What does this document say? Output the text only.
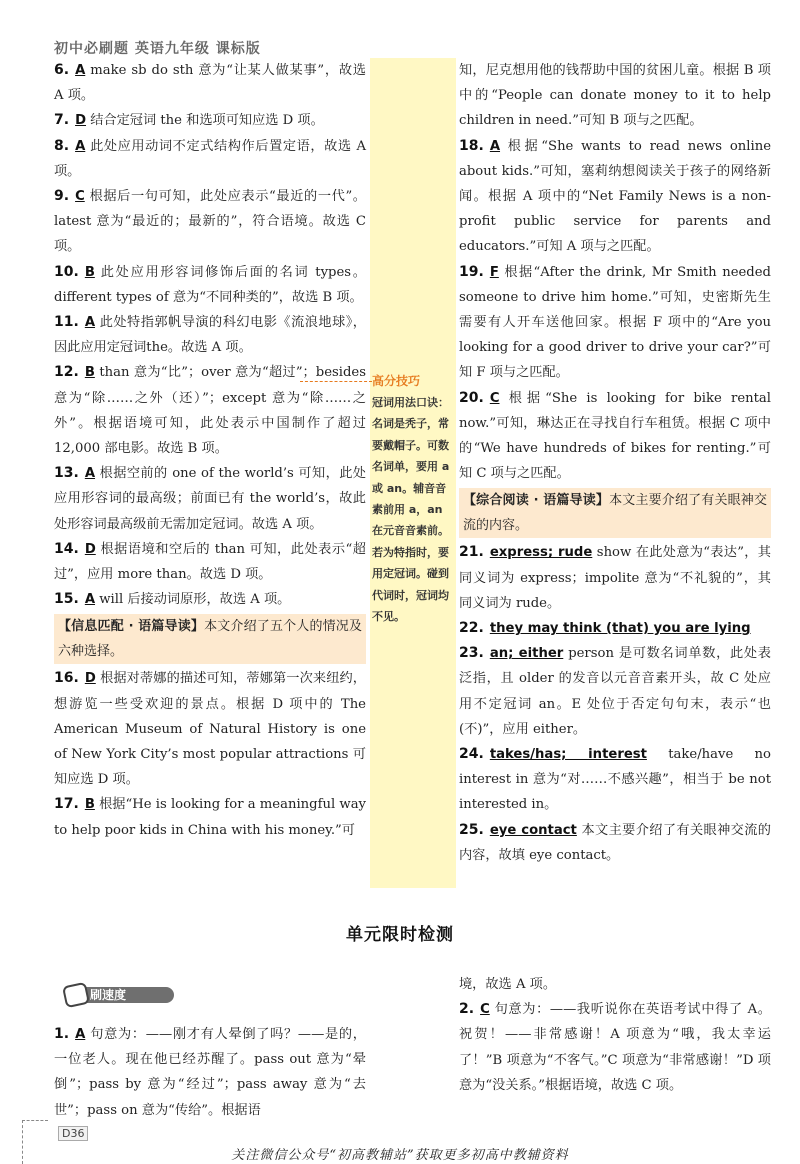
初中必刷题 英语九年级 课标版
高分技巧
冠词用法口诀：名词是秃子，常要戴帽子。可数名词单，要用 a 或 an。辅音音素前用 a，an 在元音音素前。若为特指时，要用定冠词。碰到代词时，冠词均不见。

6. A make sb do sth 意为“让某人做某事”，故选 A 项。

7. D 结合定冠词 the 和选项可知应选 D 项。

8. A 此处应用动词不定式结构作后置定语，故选 A 项。

9. C 根据后一句可知，此处应表示“最近的一代”。latest 意为“最近的；最新的”，符合语境。故选 C 项。

10. B 此处应用形容词修饰后面的名词 types。different types of 意为“不同种类的”，故选 B 项。

11. A 此处特指郭帆导演的科幻电影《流浪地球》，因此应用定冠词the。故选 A 项。

12. B than 意为“比”；over 意为“超过”；besides 意为“除……之外（还）”；except 意为“除……之外”。根据语境可知，此处表示中国制作了超过 12,000 部电影。故选 B 项。

13. A 根据空前的 one of the world’s 可知，此处应用形容词的最高级；前面已有 the world’s，故此处形容词最高级前无需加定冠词。故选 A 项。

14. D 根据语境和空后的 than 可知，此处表示“超过”，应用 more than。故选 D 项。

15. A will 后接动词原形，故选 A 项。

【信息匹配 · 语篇导读】本文介绍了五个人的情况及六种选择。

16. D 根据对蒂娜的描述可知，蒂娜第一次来纽约，想游览一些受欢迎的景点。根据 D 项中的 The American Museum of Natural History is one of New York City’s most popular attractions 可知应选 D 项。

17. B 根据“He is looking for a meaningful way to help poor kids in China with his money.”可

知，尼克想用他的钱帮助中国的贫困儿童。根据 B 项中的“People can donate money to it to help children in need.”可知 B 项与之匹配。

18. A 根据“She wants to read news online about kids.”可知，塞莉纳想阅读关于孩子的网络新闻。根据 A 项中的“Net Family News is a non-profit public service for parents and educators.”可知 A 项与之匹配。

19. F 根据“After the drink, Mr Smith needed someone to drive him home.”可知，史密斯先生需要有人开车送他回家。根据 F 项中的“Are you looking for a good driver to drive your car?”可知 F 项与之匹配。

20. C 根据“She is looking for bike rental now.”可知，琳达正在寻找自行车租赁。根据 C 项中的“We have hundreds of bikes for renting.”可知 C 项与之匹配。

【综合阅读 · 语篇导读】本文主要介绍了有关眼神交流的内容。

21. express; rude show 在此处意为“表达”，其同义词为 express；impolite 意为“不礼貌的”，其同义词为 rude。

22. they may think (that) you are lying

23. an; either person 是可数名词单数，此处表泛指，且 older 的发音以元音音素开头，故 C 处应用不定冠词 an。E 处位于否定句句末，表示“也(不)”，应用 either。

24. takes/has; interest take/have no interest in 意为“对……不感兴趣”，相当于 be not interested in。

25. eye contact 本文主要介绍了有关眼神交流的内容，故填 eye contact。

单元限时检测
刷速度

1. A 句意为：——刚才有人晕倒了吗？——是的，一位老人。现在他已经苏醒了。pass out 意为“晕倒”；pass by 意为“经过”；pass away 意为“去世”；pass on 意为“传给”。根据语

境，故选 A 项。

2. C 句意为：——我听说你在英语考试中得了 A。祝贺！——非常感谢！A 项意为“哦，我太幸运了！”B 项意为“不客气。”C 项意为“非常感谢！”D 项意为“没关系。”根据语境，故选 C 项。

D36
关注微信公众号“初高教辅站”获取更多初高中教辅资料
